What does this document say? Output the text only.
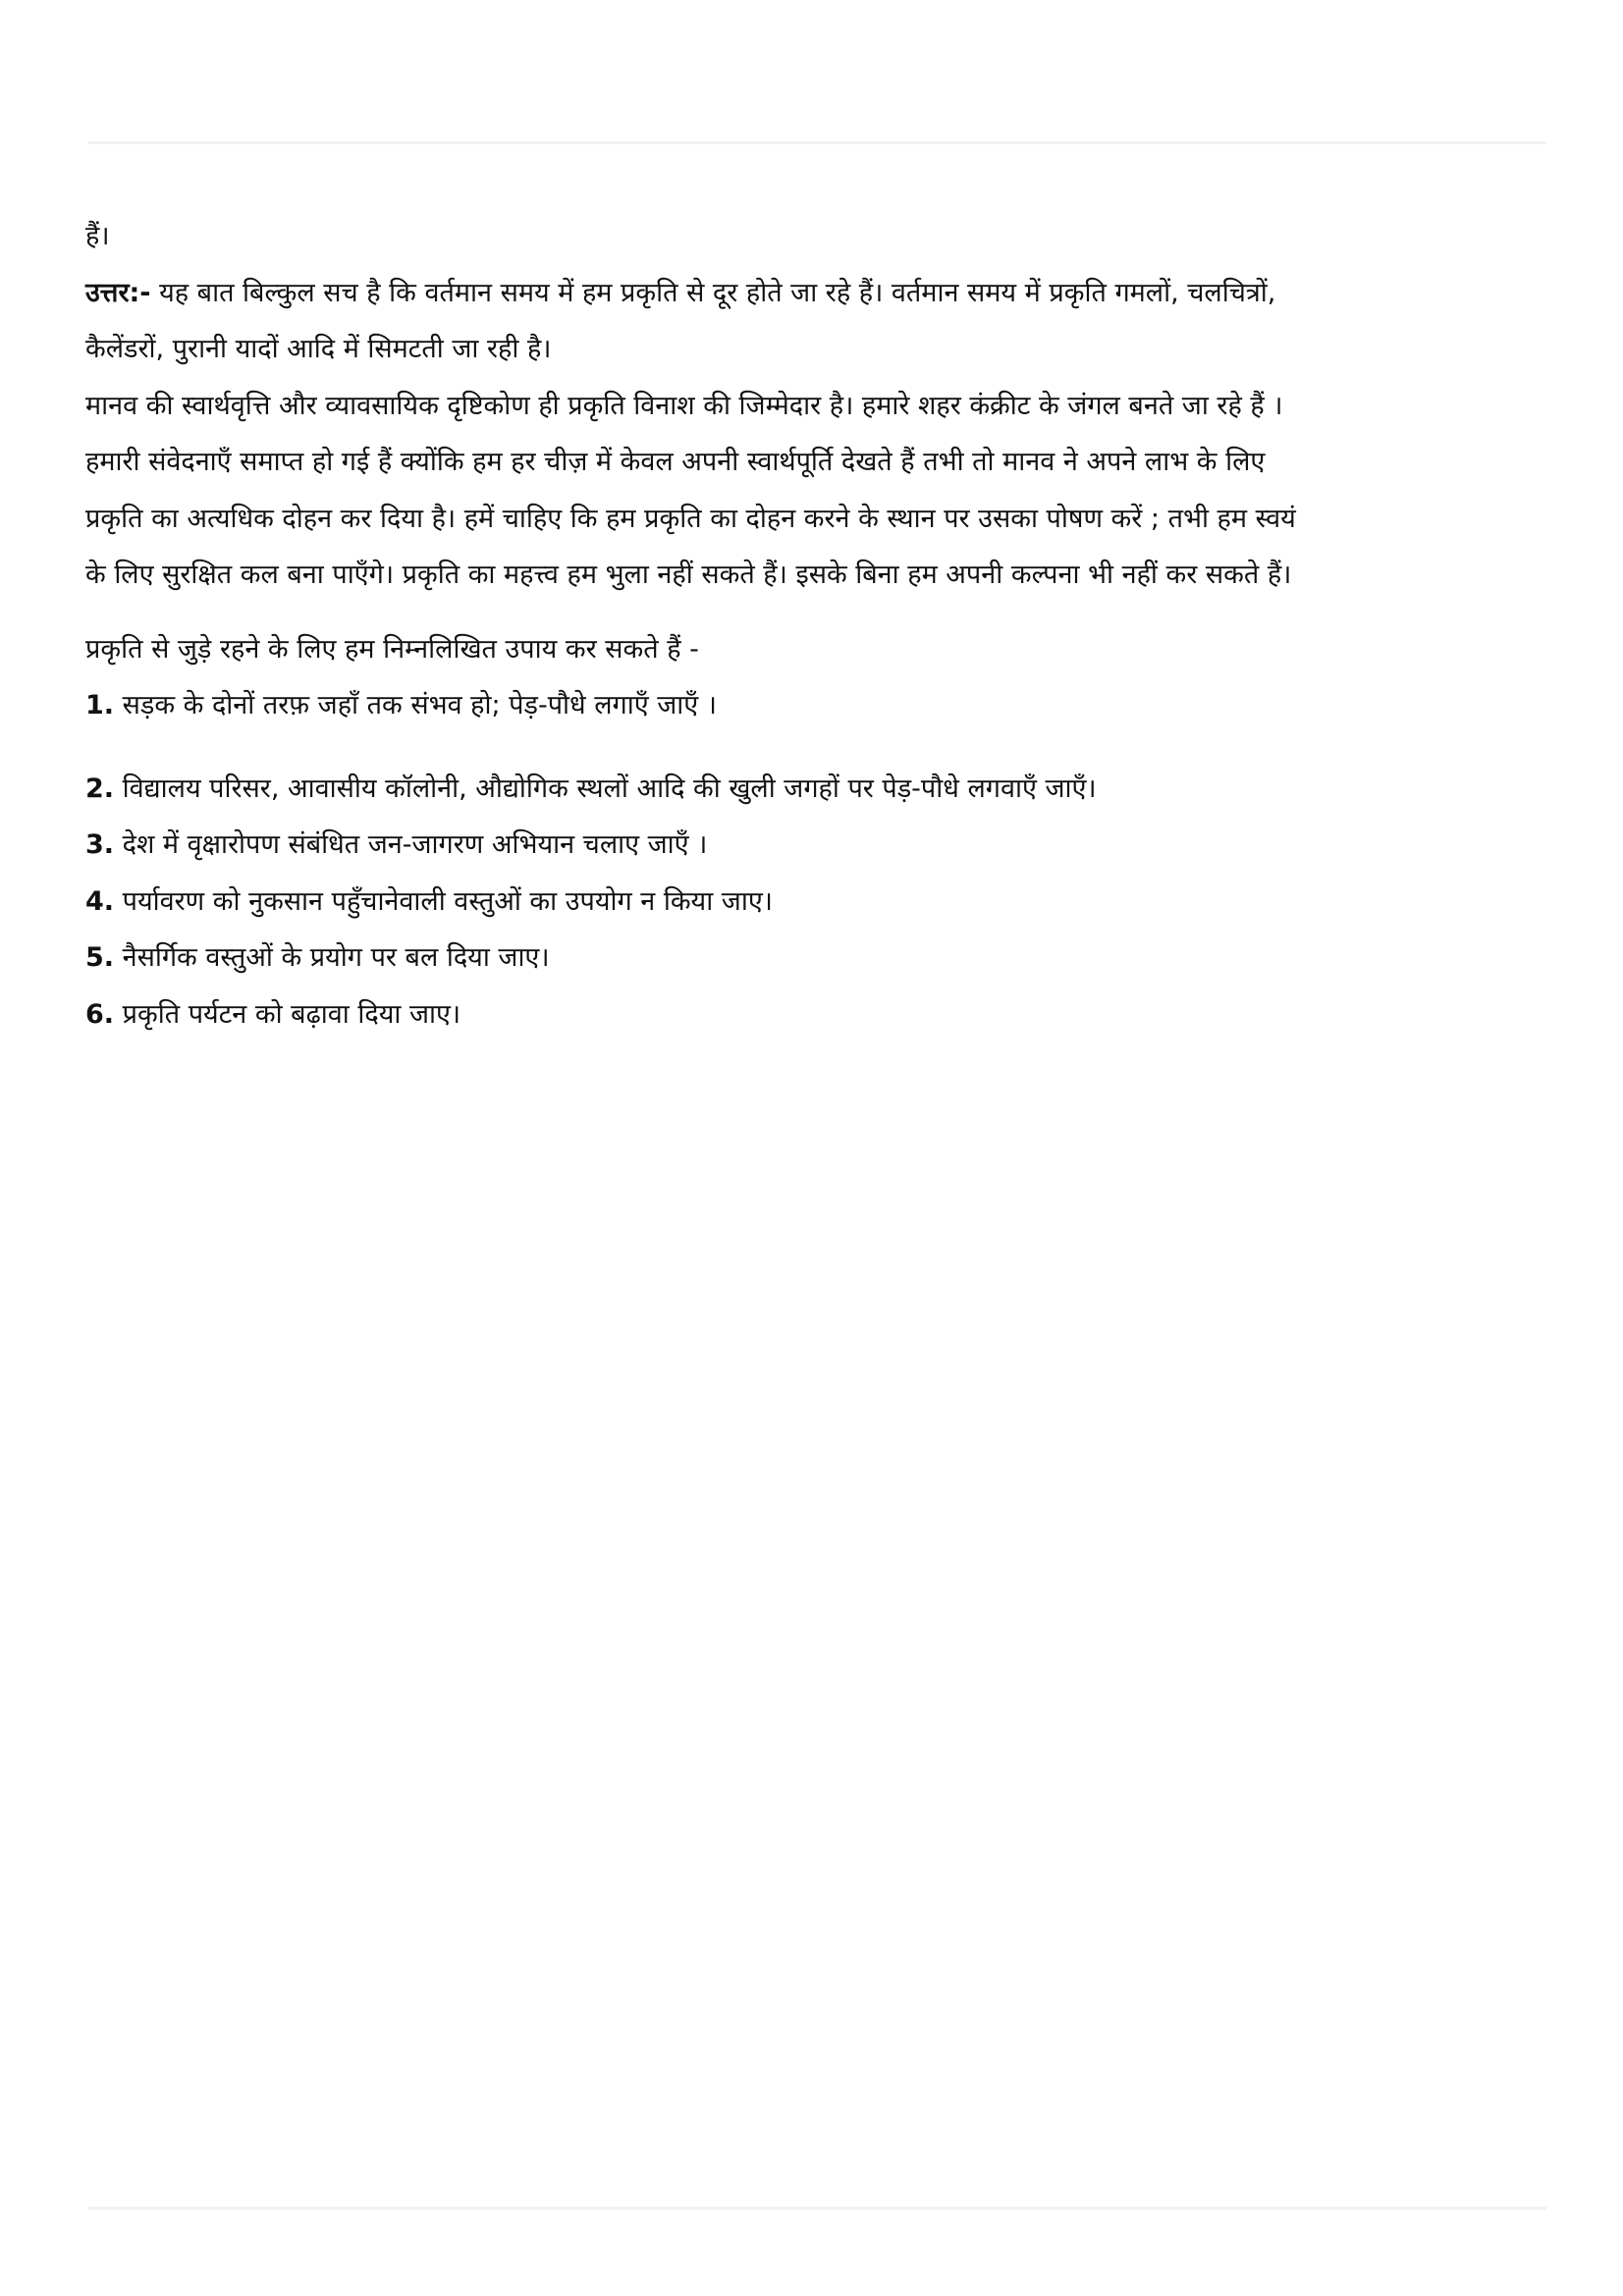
हैं।

उत्तर:- यह बात बिल्कुल सच है कि वर्तमान समय में हम प्रकृति से दूर होते जा रहे हैं। वर्तमान समय में प्रकृति गमलों, चलचित्रों,

कैलेंडरों, पुरानी यादों आदि में सिमटती जा रही है।

मानव की स्वार्थवृत्ति और व्यावसायिक दृष्टिकोण ही प्रकृति विनाश की जिम्मेदार है। हमारे शहर कंक्रीट के जंगल बनते जा रहे हैं ।

हमारी संवेदनाएँ समाप्त हो गई हैं क्योंकि हम हर चीज़ में केवल अपनी स्वार्थपूर्ति देखते हैं तभी तो मानव ने अपने लाभ के लिए

प्रकृति का अत्यधिक दोहन कर दिया है। हमें चाहिए कि हम प्रकृति का दोहन करने के स्थान पर उसका पोषण करें ; तभी हम स्वयं

के लिए सुरक्षित कल बना पाएँगे। प्रकृति का महत्त्व हम भुला नहीं सकते हैं। इसके बिना हम अपनी कल्पना भी नहीं कर सकते हैं।

प्रकृति से जुड़े रहने के लिए हम निम्नलिखित उपाय कर सकते हैं -

1. सड़क के दोनों तरफ़ जहाँ तक संभव हो; पेड़-पौधे लगाएँ जाएँ ।

2. विद्यालय परिसर, आवासीय कॉलोनी, औद्योगिक स्थलों आदि की खुली जगहों पर पेड़-पौधे लगवाएँ जाएँ।

3. देश में वृक्षारोपण संबंधित जन-जागरण अभियान चलाए जाएँ ।

4. पर्यावरण को नुकसान पहुँचानेवाली वस्तुओं का उपयोग न किया जाए।

5. नैसर्गिक वस्तुओं के प्रयोग पर बल दिया जाए।

6. प्रकृति पर्यटन को बढ़ावा दिया जाए।
